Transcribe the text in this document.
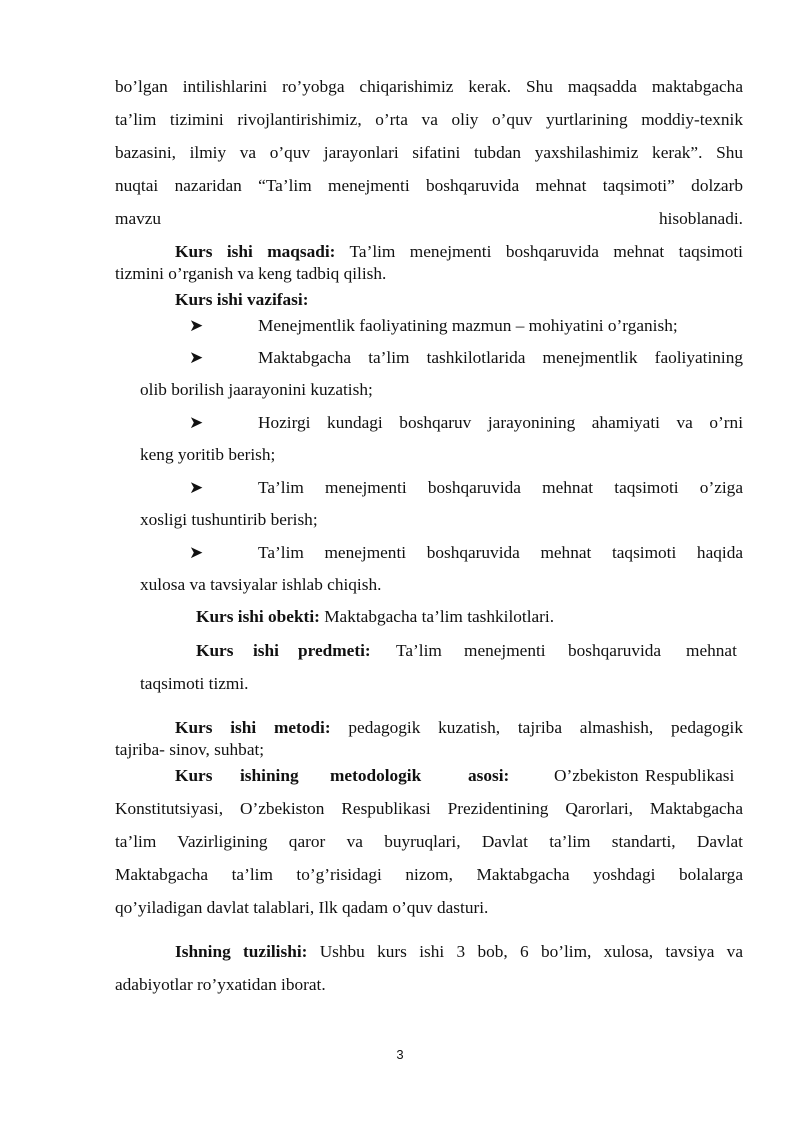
bo’lgan intilishlarini ro’yobga chiqarishimiz kerak. Shu maqsadda maktabgacha
ta’lim tizimini rivojlantirishimiz, o’rta va oliy o’quv yurtlarining moddiy-texnik
bazasini, ilmiy va o’quv jarayonlari sifatini tubdan yaxshilashimiz kerak”. Shu
nuqtai nazaridan “Ta’lim menejmenti boshqaruvida mehnat taqsimoti” dolzarb
mavzu hisoblanadi.
Kurs ishi maqsadi: Ta’lim menejmenti boshqaruvida mehnat taqsimoti
tizmini o’rganish va keng tadbiq qilish.
Kurs ishi vazifasi:
➤	Menejmentlik faoliyatining mazmun – mohiyatini o’rganish;
➤	Maktabgacha ta’lim tashkilotlarida menejmentlik faoliyatining
olib borilish jaarayonini kuzatish;
➤	Hozirgi kundagi boshqaruv jarayonining ahamiyati va o’rni
keng yoritib berish;
➤	Ta’lim menejmenti boshqaruvida mehnat taqsimoti o’ziga
xosligi tushuntirib berish;
➤	Ta’lim menejmenti boshqaruvida mehnat taqsimoti haqida
xulosa va tavsiyalar ishlab chiqish.
Kurs ishi obekti: Maktabgacha ta’lim tashkilotlari.
Kurs ishi predmeti: Ta’lim menejmenti boshqaruvida mehnat
taqsimoti tizmi.
Kurs ishi metodi: pedagogik kuzatish, tajriba almashish, pedagogik
tajriba- sinov, suhbat;
Kurs ishining metodologik	asosi:	O’zbekiston Respublikasi
Konstitutsiyasi, O’zbekiston Respublikasi Prezidentining Qarorlari, Maktabgacha
ta’lim Vazirligining qaror va buyruqlari, Davlat ta’lim standarti, Davlat
Maktabgacha ta’lim to’g’risidagi nizom, Maktabgacha yoshdagi bolalarga
qo’yiladigan davlat talablari, Ilk qadam o’quv dasturi.
Ishning tuzilishi: Ushbu kurs ishi 3 bob, 6 bo’lim, xulosa, tavsiya va
adabiyotlar ro’yxatidan iborat.
3
